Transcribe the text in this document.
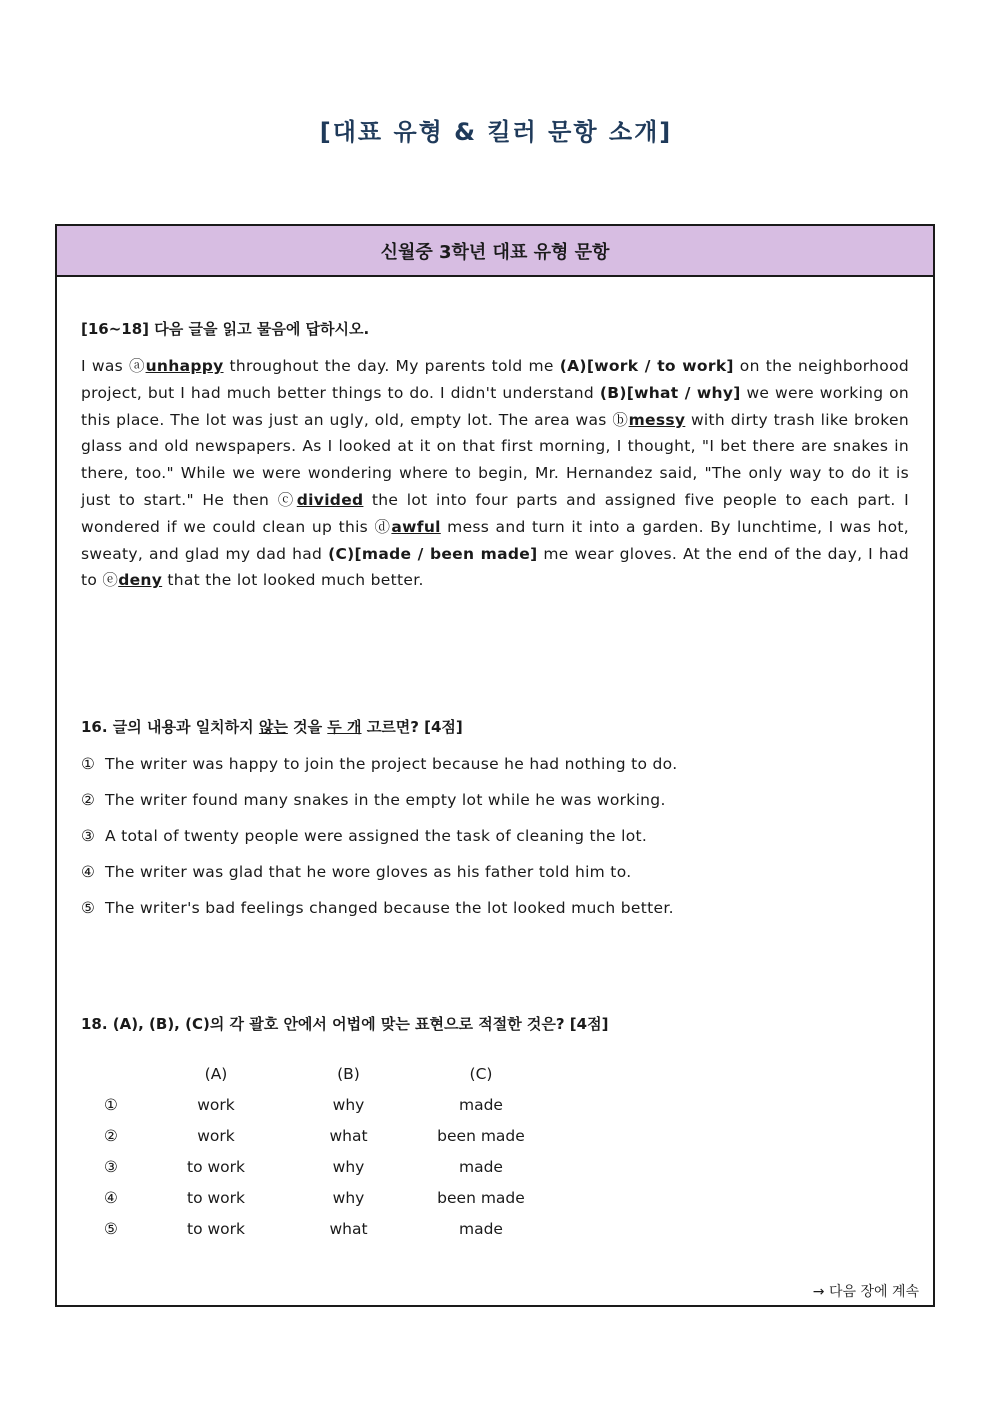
[대표 유형 & 킬러 문항 소개]
신월중 3학년 대표 유형 문항

[16~18] 다음 글을 읽고 물음에 답하시오.

I was ⓐunhappy throughout the day. My parents told me (A)[work / to work] on the neighborhood project, but I had much better things to do. I didn't understand (B)[what / why] we were working on this place. The lot was just an ugly, old, empty lot. The area was ⓑmessy with dirty trash like broken glass and old newspapers. As I looked at it on that first morning, I thought, "I bet there are snakes in there, too." While we were wondering where to begin, Mr. Hernandez said, "The only way to do it is just to start." He then ⓒdivided the lot into four parts and assigned five people to each part. I wondered if we could clean up this ⓓawful mess and turn it into a garden. By lunchtime, I was hot, sweaty, and glad my dad had (C)[made / been made] me wear gloves. At the end of the day, I had to ⓔdeny that the lot looked much better.

16. 글의 내용과 일치하지 않는 것을 두 개 고르면? [4점]

① The writer was happy to join the project because he had nothing to do.
② The writer found many snakes in the empty lot while he was working.
③ A total of twenty people were assigned the task of cleaning the lot.
④ The writer was glad that he wore gloves as his father told him to.
⑤ The writer's bad feelings changed because the lot looked much better.

18. (A), (B), (C)의 각 괄호 안에서 어법에 맞는 표현으로 적절한 것은? [4점]

	(A)	(B)	(C)
①	work	why	made
②	work	what	been made
③	to work	why	made
④	to work	why	been made
⑤	to work	what	made
→ 다음 장에 계속
